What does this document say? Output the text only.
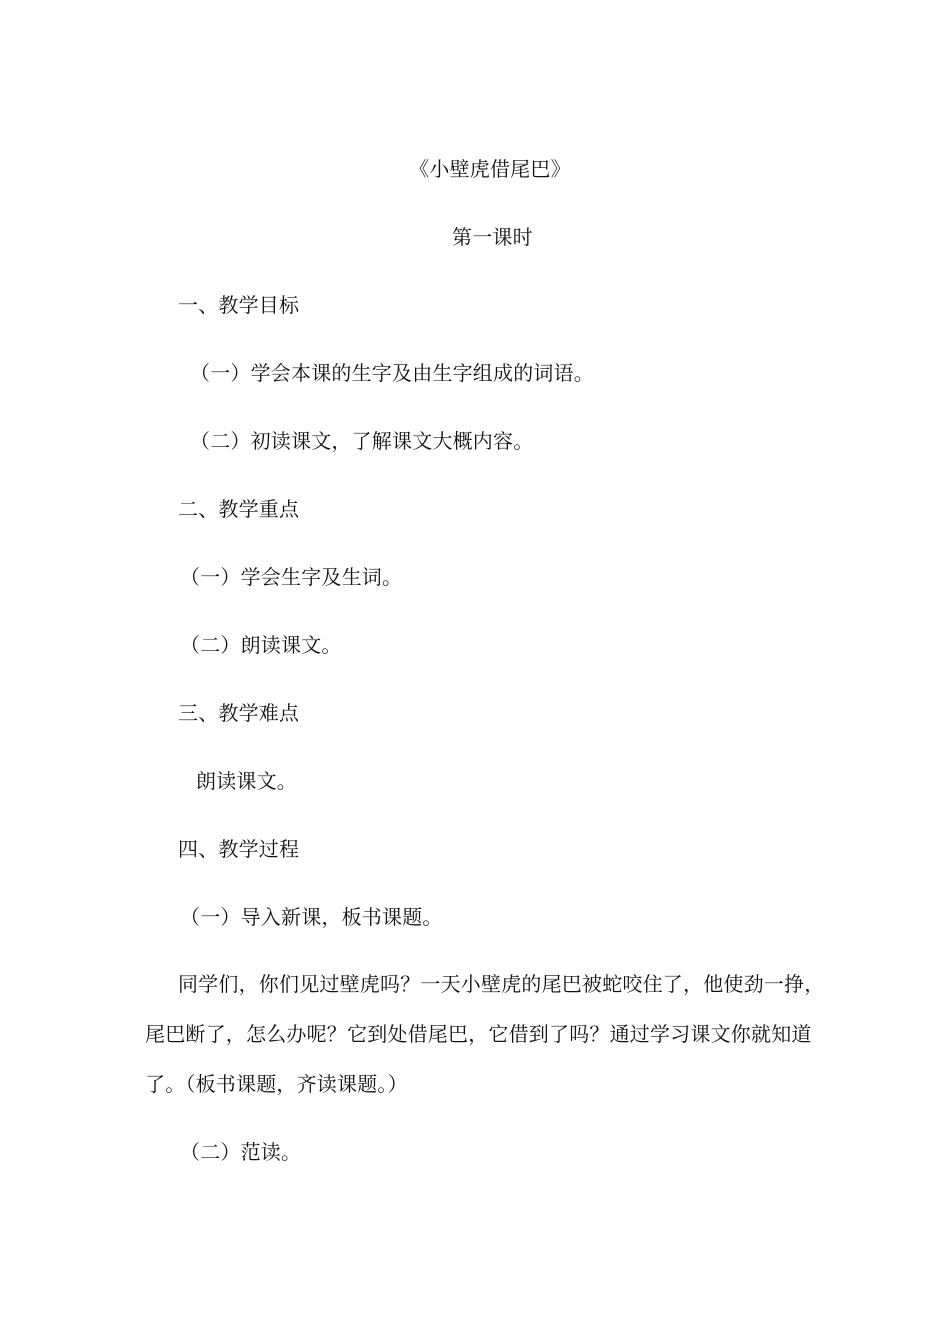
《小壁虎借尾巴》
第一课时
一、教学目标
（一）学会本课的生字及由生字组成的词语。
（二）初读课文，了解课文大概内容。
二、教学重点
（一）学会生字及生词。
（二）朗读课文。
三、教学难点
朗读课文。
四、教学过程
（一）导入新课，板书课题。
同学们，你们见过壁虎吗？一天小壁虎的尾巴被蛇咬住了，他使劲一挣，
尾巴断了，怎么办呢？它到处借尾巴，它借到了吗？通过学习课文你就知道
了。（板书课题，齐读课题。）
（二）范读。
